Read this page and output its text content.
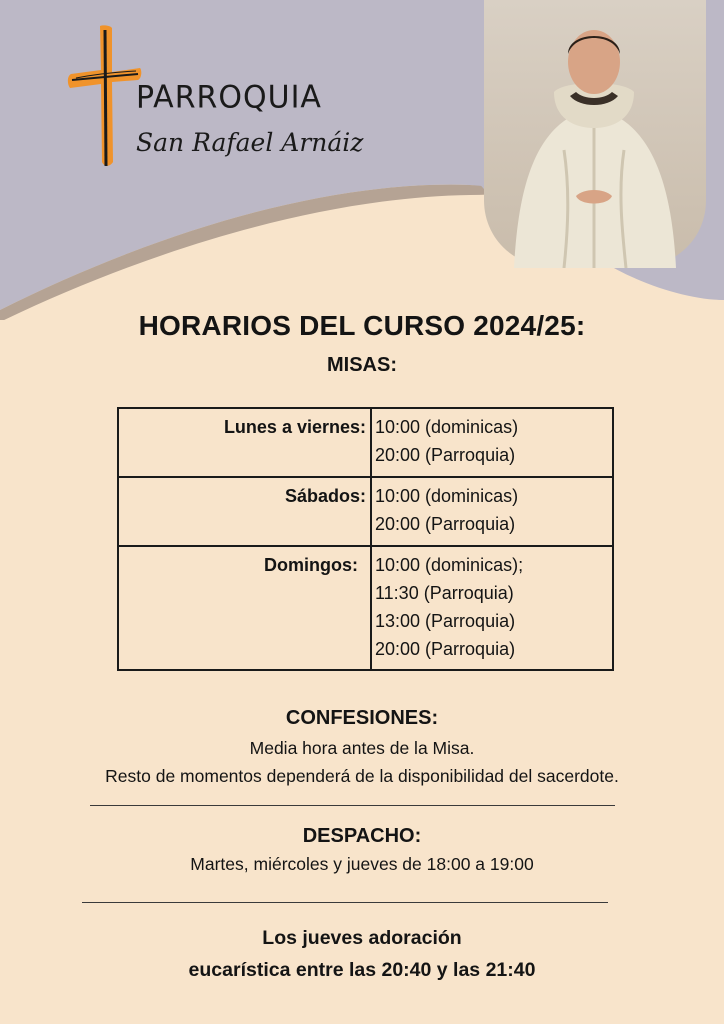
PARROQUIA
San Rafael Arnáiz
HORARIOS DEL CURSO 2024/25:
MISAS:
Lunes a viernes:	10:00 (dominicas)
20:00 (Parroquia)

Sábados:	10:00 (dominicas)
20:00 (Parroquia)

Domingos:	10:00 (dominicas);
11:30 (Parroquia)
13:00 (Parroquia)
20:00 (Parroquia)
CONFESIONES:
Media hora antes de la Misa.
Resto de momentos dependerá de la disponibilidad del sacerdote.
DESPACHO:
Martes, miércoles y jueves de 18:00 a 19:00
Los jueves adoración
eucarística entre las 20:40 y las 21:40
